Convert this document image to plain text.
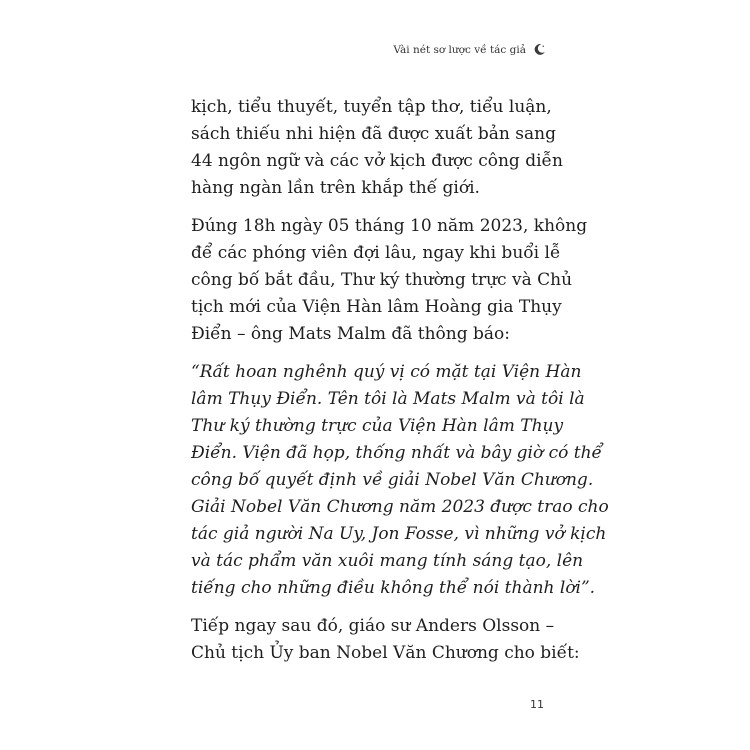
Vài nét sơ lược về tác giả

kịch, tiểu thuyết, tuyển tập thơ, tiểu luận,
sách thiếu nhi hiện đã được xuất bản sang
44 ngôn ngữ và các vở kịch được công diễn
hàng ngàn lần trên khắp thế giới.

Đúng 18h ngày 05 tháng 10 năm 2023, không
để các phóng viên đợi lâu, ngay khi buổi lễ
công bố bắt đầu, Thư ký thường trực và Chủ
tịch mới của Viện Hàn lâm Hoàng gia Thụy
Điển – ông Mats Malm đã thông báo:

“Rất hoan nghênh quý vị có mặt tại Viện Hàn
lâm Thụy Điển. Tên tôi là Mats Malm và tôi là
Thư ký thường trực của Viện Hàn lâm Thụy
Điển. Viện đã họp, thống nhất và bây giờ có thể
công bố quyết định về giải Nobel Văn Chương.
Giải Nobel Văn Chương năm 2023 được trao cho
tác giả người Na Uy, Jon Fosse, vì những vở kịch
và tác phẩm văn xuôi mang tính sáng tạo, lên
tiếng cho những điều không thể nói thành lời”.

Tiếp ngay sau đó, giáo sư Anders Olsson –
Chủ tịch Ủy ban Nobel Văn Chương cho biết:

11
